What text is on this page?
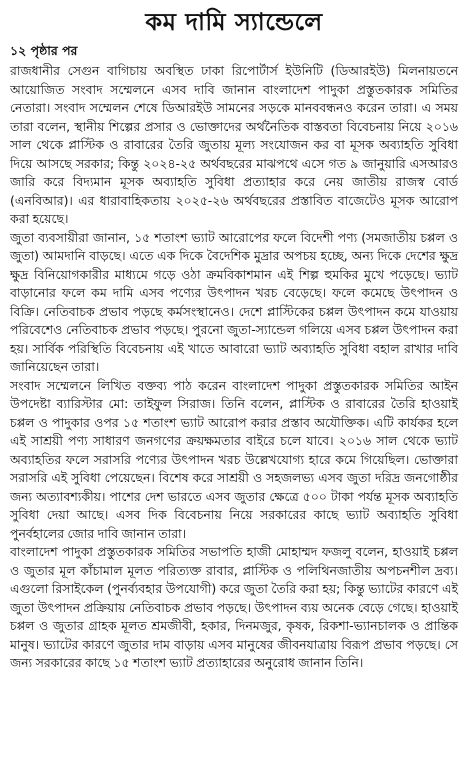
কম দামি স্যান্ডেলে
১২ পৃষ্ঠার পর

রাজধানীর সেগুন বাগিচায় অবস্থিত ঢাকা রিপোর্টার্স ইউনিটি (ডিআরইউ) মিলনায়তনে আয়োজিত সংবাদ সম্মেলনে এসব দাবি জানান বাংলাদেশ পাদুকা প্রস্তুতকারক সমিতির নেতারা। সংবাদ সম্মেলন শেষে ডিআরইউ সামনের সড়কে মানববন্ধনও করেন তারা। এ সময় তারা বলেন, স্থানীয় শিল্পের প্রসার ও ভোক্তাদের অর্থনৈতিক বাস্তবতা বিবেচনায় নিয়ে ২০১৬ সাল থেকে প্লাস্টিক ও রাবারের তৈরি জুতায় মূল্য সংযোজন কর বা মূসক অব্যাহতি সুবিধা দিয়ে আসছে সরকার; কিন্তু ২০২৪-২৫ অর্থবছরের মাঝপথে এসে গত ৯ জানুয়ারি এসআরও জারি করে বিদ্যমান মূসক অব্যাহতি সুবিধা প্রত্যাহার করে নেয় জাতীয় রাজস্ব বোর্ড (এনবিআর)। এর ধারাবাহিকতায় ২০২৫-২৬ অর্থবছরের প্রস্তাবিত বাজেটেও মূসক আরোপ করা হয়েছে।

জুতা ব্যবসায়ীরা জানান, ১৫ শতাংশ ভ্যাট আরোপের ফলে বিদেশী পণ্য (সমজাতীয় চপ্পল ও জুতা) আমদানি বাড়ছে। এতে এক দিকে বৈদেশিক মুদ্রার অপচয় হচ্ছে, অন্য দিকে দেশের ক্ষুদ্র ক্ষুদ্র বিনিয়োগকারীর মাধ্যমে গড়ে ওঠা ক্রমবিকাশমান এই শিল্প হুমকির মুখে পড়েছে। ভ্যাট বাড়ানোর ফলে কম দামি এসব পণ্যের উৎপাদন খরচ বেড়েছে। ফলে কমেছে উৎপাদন ও বিক্রি। নেতিবাচক প্রভাব পড়ছে কর্মসংস্থানেও। দেশে প্লাস্টিকের চপ্পল উৎপাদন কমে যাওয়ায় পরিবেশেও নেতিবাচক প্রভাব পড়ছে। পুরনো জুতা-স্যান্ডেল গলিয়ে এসব চপ্পল উৎপাদন করা হয়। সার্বিক পরিস্থিতি বিবেচনায় এই খাতে আবারো ভ্যাট অব্যাহতি সুবিধা বহাল রাখার দাবি জানিয়েছেন তারা।

সংবাদ সম্মেলনে লিখিত বক্তব্য পাঠ করেন বাংলাদেশ পাদুকা প্রস্তুতকারক সমিতির আইন উপদেষ্টা ব্যারিস্টার মো: তাইফুল সিরাজ। তিনি বলেন, প্লাস্টিক ও রাবারের তৈরি হাওয়াই চপ্পল ও পাদুকার ওপর ১৫ শতাংশ ভ্যাট আরোপ করার প্রস্তাব অযৌক্তিক। এটি কার্যকর হলে এই সাশ্রয়ী পণ্য সাধারণ জনগণের ক্রয়ক্ষমতার বাইরে চলে যাবে। ২০১৬ সাল থেকে ভ্যাট অব্যাহতির ফলে সরাসরি পণ্যের উৎপাদন খরচ উল্লেখযোগ্য হারে কমে গিয়েছিল। ভোক্তারা সরাসরি এই সুবিধা পেয়েছেন। বিশেষ করে সাশ্রয়ী ও সহজলভ্য এসব জুতা দরিদ্র জনগোষ্ঠীর জন্য অত্যাবশ্যকীয়। পাশের দেশ ভারতে এসব জুতার ক্ষেত্রে ৫০০ টাকা পর্যন্ত মূসক অব্যাহতি সুবিধা দেয়া আছে। এসব দিক বিবেচনায় নিয়ে সরকারের কাছে ভ্যাট অব্যাহতি সুবিধা পুনর্বহালের জোর দাবি জানান তারা।

বাংলাদেশ পাদুকা প্রস্তুতকারক সমিতির সভাপতি হাজী মোহাম্মদ ফজলু বলেন, হাওয়াই চপ্পল ও জুতার মূল কাঁচামাল মূলত পরিত্যক্ত রাবার, প্লাস্টিক ও পলিথিনজাতীয় অপচনশীল দ্রব্য। এগুলো রিসাইকেল (পুনর্ব্যবহার উপযোগী) করে জুতা তৈরি করা হয়; কিন্তু ভ্যাটের কারণে এই জুতা উৎপাদন প্রক্রিয়ায় নেতিবাচক প্রভাব পড়ছে। উৎপাদন ব্যয় অনেক বেড়ে গেছে। হাওয়াই চপ্পল ও জুতার গ্রাহক মূলত শ্রমজীবী, হকার, দিনমজুর, কৃষক, রিকশা-ভ্যানচালক ও প্রান্তিক মানুষ। ভ্যাটের কারণে জুতার দাম বাড়ায় এসব মানুষের জীবনযাত্রায় বিরূপ প্রভাব পড়ছে। সে জন্য সরকারের কাছে ১৫ শতাংশ ভ্যাট প্রত্যাহারের অনুরোধ জানান তিনি।
